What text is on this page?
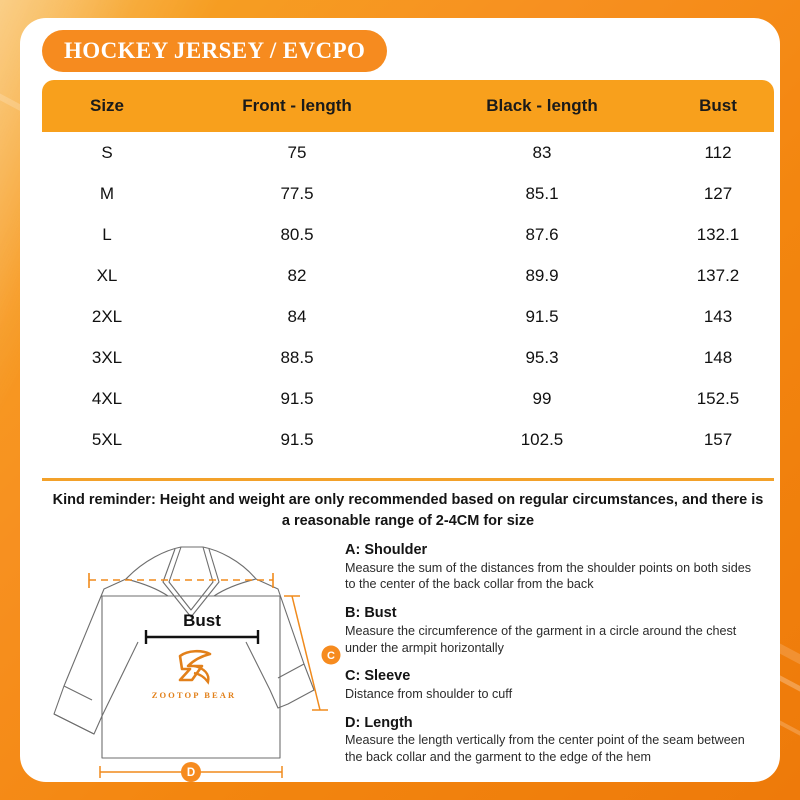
HOCKEY JERSEY / EVCPO
Size	Front - length	Black - length	Bust
S	75	83	112
M	77.5	85.1	127
L	80.5	87.6	132.1
XL	82	89.9	137.2
2XL	84	91.5	143
3XL	88.5	95.3	148
4XL	91.5	99	152.5
5XL	91.5	102.5	157
Kind reminder: Height and weight are only recommended based on regular circumstances, and there is a reasonable range of 2-4CM for size
Bust
ZOOTOP BEAR
C
D
A: Shoulder
Measure the sum of the distances from the shoulder points on both sides to the center of the back collar from the back
B: Bust
Measure the circumference of the garment in a circle around the chest under the armpit horizontally
C: Sleeve
Distance from shoulder to cuff
D: Length
Measure the length vertically from the center point of the seam between the back collar and the garment to the edge of the hem
